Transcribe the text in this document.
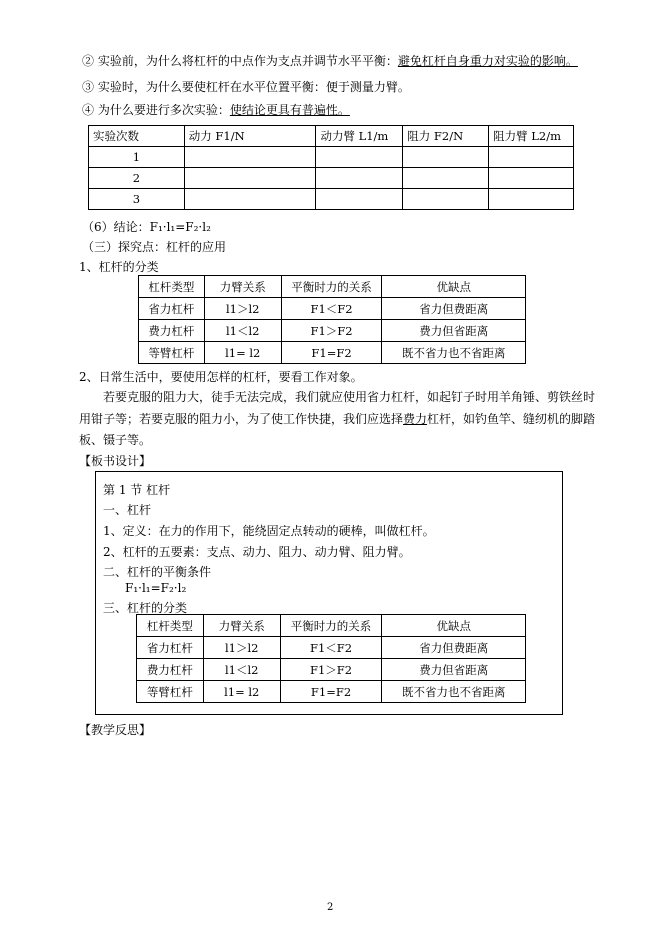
② 实验前，为什么将杠杆的中点作为支点并调节水平平衡：避免杠杆自身重力对实验的影响。
③ 实验时，为什么要使杠杆在水平位置平衡：便于测量力臂。
④ 为什么要进行多次实验：使结论更具有普遍性。
实验次数	动力 F1/N	动力臂 L1/m	阻力 F2/N	阻力臂 L2/m
1				
2				
3				
（6）结论：F₁·l₁=F₂·l₂
（三）探究点：杠杆的应用
1、杠杆的分类
杠杆类型	力臂关系	平衡时力的关系	优缺点
省力杠杆	l1＞l2	F1＜F2	省力但费距离
费力杠杆	l1＜l2	F1＞F2	费力但省距离
等臂杠杆	l1= l2	F1=F2	既不省力也不省距离
2、日常生活中，要使用怎样的杠杆，要看工作对象。
若要克服的阻力大，徒手无法完成，我们就应使用省力杠杆，如起钉子时用羊角锤、剪铁丝时
用钳子等；若要克服的阻力小，为了使工作快捷，我们应选择费力杠杆，如钓鱼竿、缝纫机的脚踏
板、镊子等。
【板书设计】
第 1 节 杠杆
一、杠杆
1、定义：在力的作用下，能绕固定点转动的硬棒，叫做杠杆。
2、杠杆的五要素：支点、动力、阻力、动力臂、阻力臂。
二、杠杆的平衡条件
F₁·l₁=F₂·l₂
三、杠杆的分类
杠杆类型	力臂关系	平衡时力的关系	优缺点
省力杠杆	l1＞l2	F1＜F2	省力但费距离
费力杠杆	l1＜l2	F1＞F2	费力但省距离
等臂杠杆	l1= l2	F1=F2	既不省力也不省距离
【教学反思】
2
